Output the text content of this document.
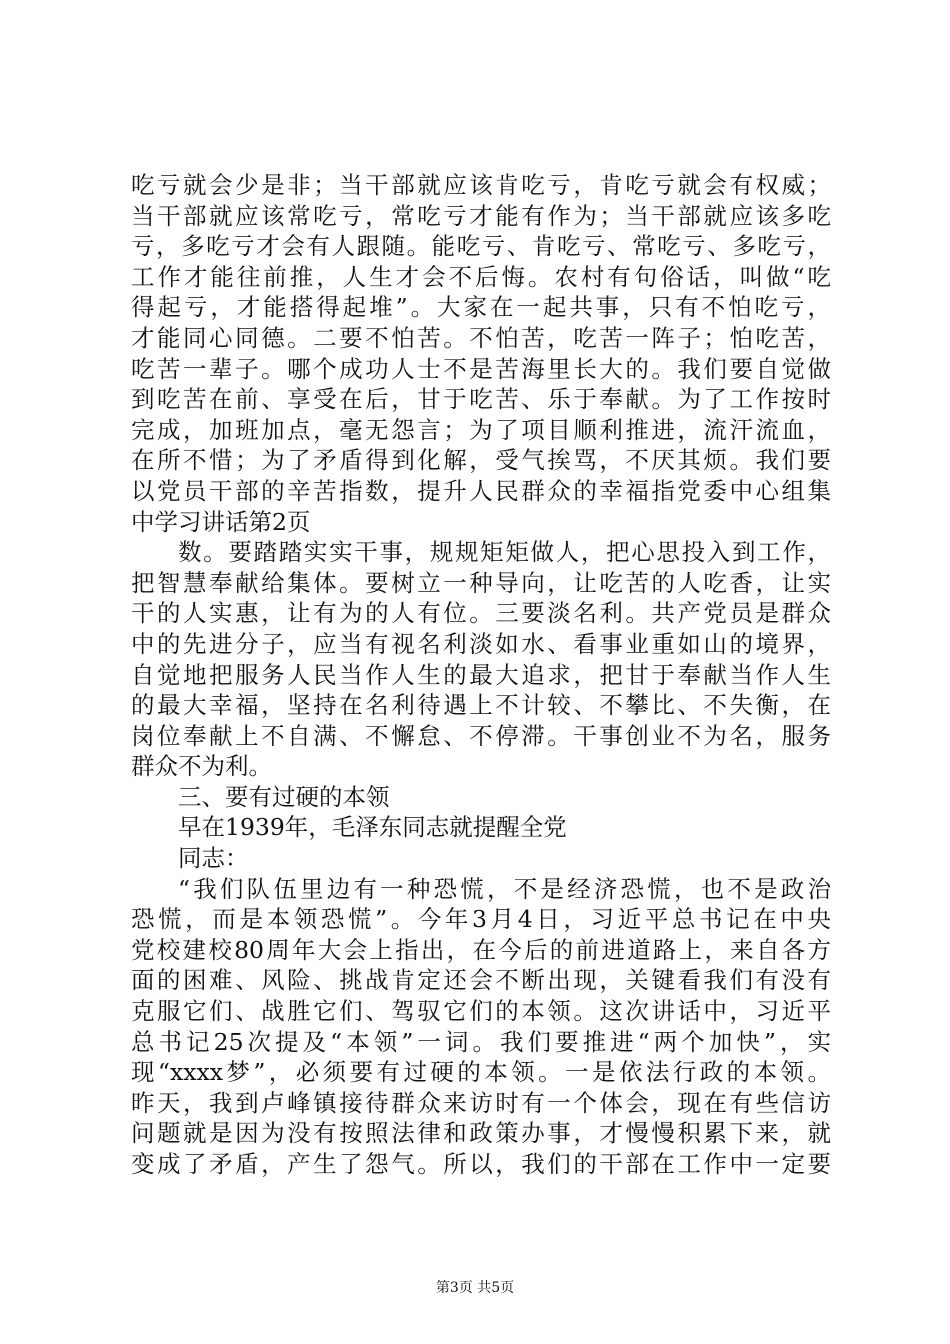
吃亏就会少是非；当干部就应该肯吃亏，肯吃亏就会有权威；
当干部就应该常吃亏，常吃亏才能有作为；当干部就应该多吃
亏，多吃亏才会有人跟随。能吃亏、肯吃亏、常吃亏、多吃亏，
工作才能往前推，人生才会不后悔。农村有句俗话，叫做“吃
得起亏，才能搭得起堆”。大家在一起共事，只有不怕吃亏，
才能同心同德。二要不怕苦。不怕苦，吃苦一阵子；怕吃苦，
吃苦一辈子。哪个成功人士不是苦海里长大的。我们要自觉做
到吃苦在前、享受在后，甘于吃苦、乐于奉献。为了工作按时
完成，加班加点，毫无怨言；为了项目顺利推进，流汗流血，
在所不惜；为了矛盾得到化解，受气挨骂，不厌其烦。我们要
以党员干部的辛苦指数，提升人民群众的幸福指党委中心组集
中学习讲话第2页
数。要踏踏实实干事，规规矩矩做人，把心思投入到工作，
把智慧奉献给集体。要树立一种导向，让吃苦的人吃香，让实
干的人实惠，让有为的人有位。三要淡名利。共产党员是群众
中的先进分子，应当有视名利淡如水、看事业重如山的境界，
自觉地把服务人民当作人生的最大追求，把甘于奉献当作人生
的最大幸福，坚持在名利待遇上不计较、不攀比、不失衡，在
岗位奉献上不自满、不懈怠、不停滞。干事创业不为名，服务
群众不为利。
三、要有过硬的本领
早在1939年，毛泽东同志就提醒全党
同志：
“我们队伍里边有一种恐慌，不是经济恐慌，也不是政治
恐慌，而是本领恐慌”。今年3月4日，习近平总书记在中央
党校建校80周年大会上指出，在今后的前进道路上，来自各方
面的困难、风险、挑战肯定还会不断出现，关键看我们有没有
克服它们、战胜它们、驾驭它们的本领。这次讲话中，习近平
总书记25次提及“本领”一词。我们要推进“两个加快”，实
现“xxxx梦”，必须要有过硬的本领。一是依法行政的本领。
昨天，我到卢峰镇接待群众来访时有一个体会，现在有些信访
问题就是因为没有按照法律和政策办事，才慢慢积累下来，就
变成了矛盾，产生了怨气。所以，我们的干部在工作中一定要
第3页 共5页
